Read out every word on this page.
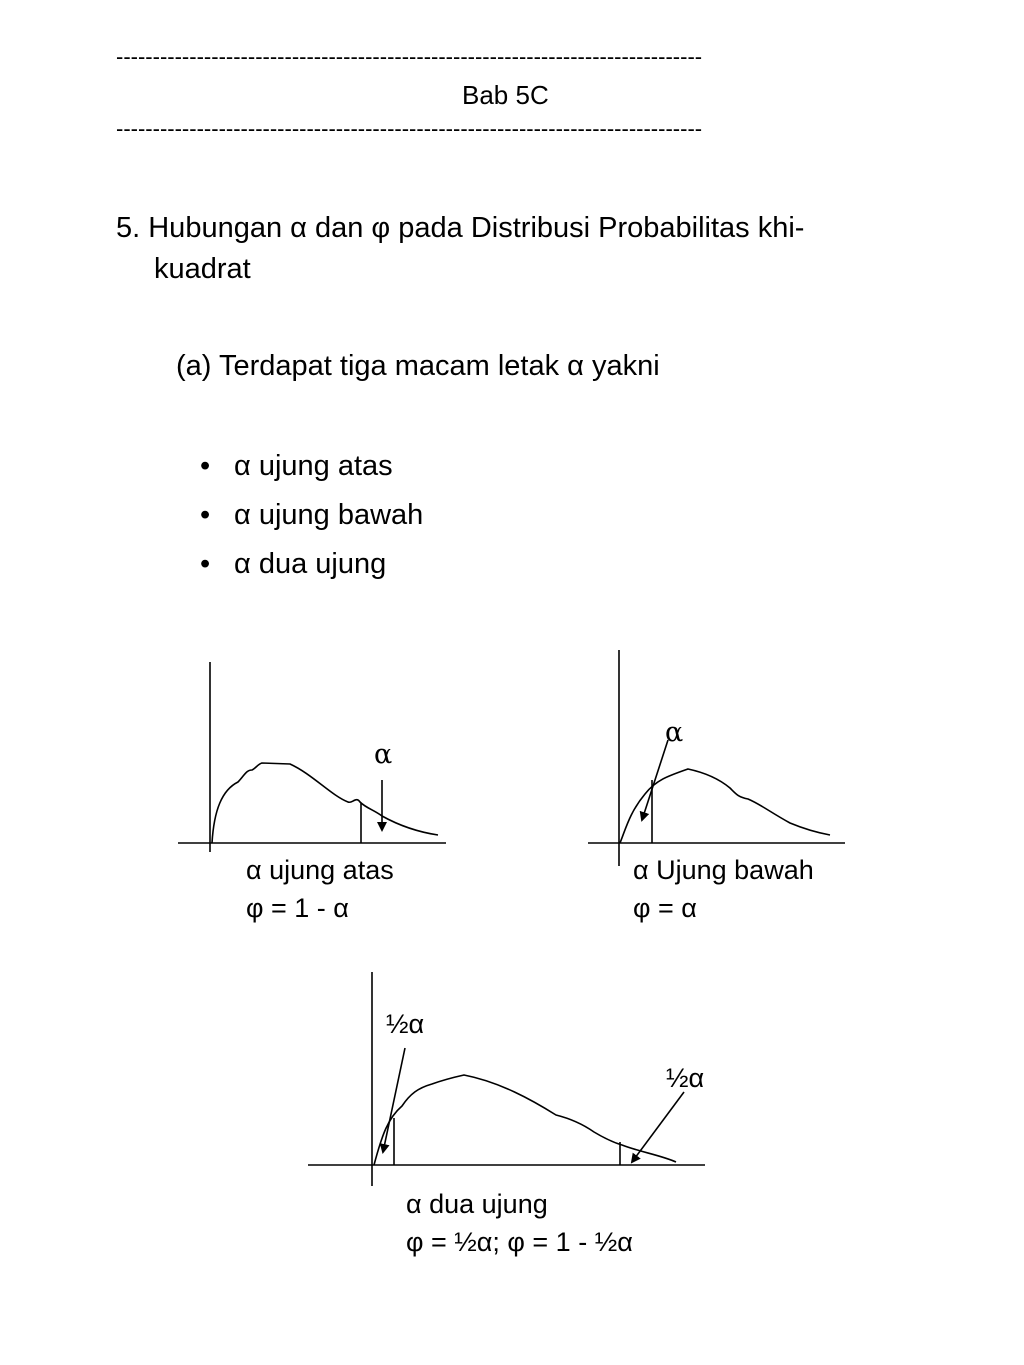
--------------------------------------------------------------------------------
Bab 5C
--------------------------------------------------------------------------------
5. Hubungan α dan φ pada Distribusi Probabilitas khi-
kuadrat
(a) Terdapat tiga macam letak α yakni
• α ujung atas
• α ujung bawah
• α dua ujung
α
α ujung atas
φ = 1 - α
α
α Ujung bawah
φ = α
½α
½α
α dua ujung
φ = ½α; φ = 1 - ½α
